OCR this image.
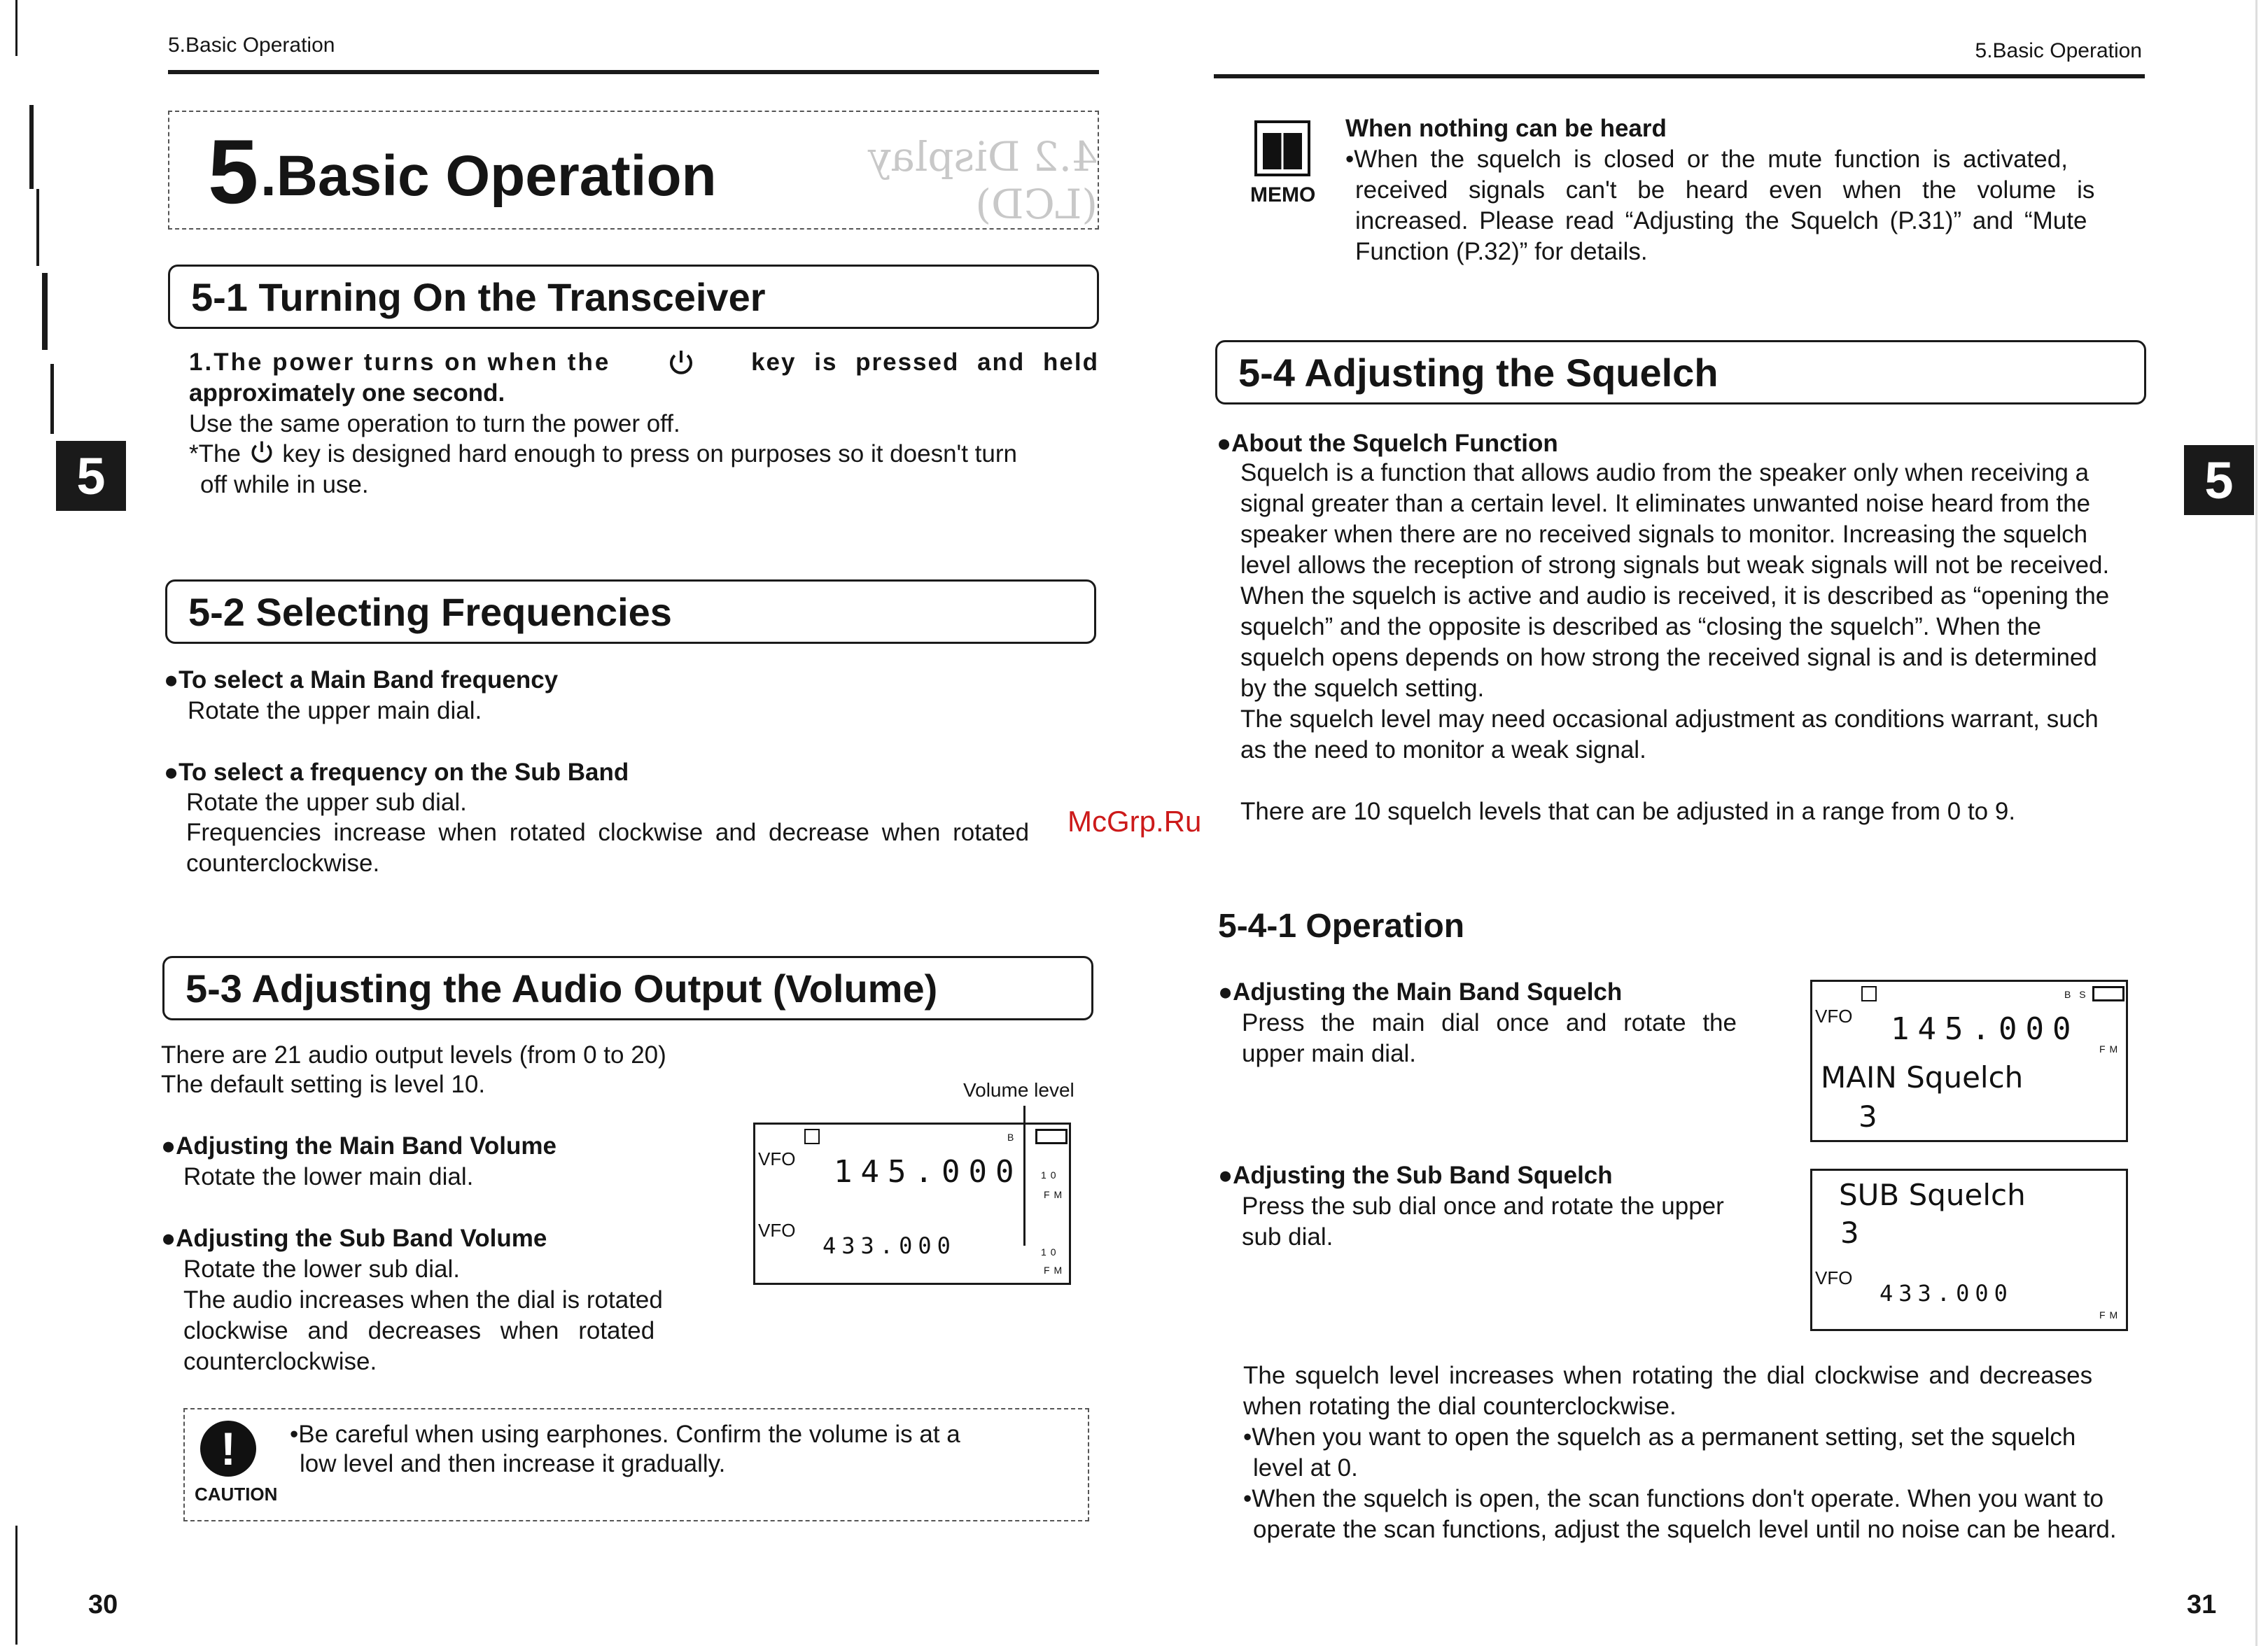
5.Basic Operation
5
4.2 Display (LCD)
5 .Basic Operation
5-1 Turning On the Transceiver
1.The power turns on when the	key is pressed and held
approximately one second.
Use the same operation to turn the power off.
*The key is designed hard enough to press on purposes so it doesn't turn
off while in use.
5-2 Selecting Frequencies
●To select a Main Band frequency
Rotate the upper main dial.
●To select a frequency on the Sub Band
Rotate the upper sub dial.
Frequencies increase when rotated clockwise and decrease when rotated
counterclockwise.
McGrp.Ru
5-3 Adjusting the Audio Output (Volume)
There are 21 audio output levels (from 0 to 20)
The default setting is level 10.
●Adjusting the Main Band Volume
Rotate the lower main dial.
●Adjusting the Sub Band Volume
Rotate the lower sub dial.
The audio increases when the dial is rotated
clockwise and decreases when rotated
counterclockwise.
Volume level
B
VFO 145.000 10
FM
VFO
433.000	10
FM
!
CAUTION
•Be careful when using earphones. Confirm the volume is at a
low level and then increase it gradually.
30
5.Basic Operation
5
MEMO
When nothing can be heard
•When the squelch is closed or the mute function is activated,
received signals can't be heard even when the volume is
increased. Please read “Adjusting the Squelch (P.31)” and “Mute
Function (P.32)” for details.
5-4 Adjusting the Squelch
●About the Squelch Function
Squelch is a function that allows audio from the speaker only when receiving a
signal greater than a certain level. It eliminates unwanted noise heard from the
speaker when there are no received signals to monitor. Increasing the squelch
level allows the reception of strong signals but weak signals will not be received.
When the squelch is active and audio is received, it is described as “opening the
squelch” and the opposite is described as “closing the squelch”. When the
squelch opens depends on how strong the received signal is and is determined
by the squelch setting.
The squelch level may need occasional adjustment as conditions warrant, such
as the need to monitor a weak signal.
There are 10 squelch levels that can be adjusted in a range from 0 to 9.
5-4-1 Operation
●Adjusting the Main Band Squelch
Press the main dial once and rotate the
upper main dial.
●Adjusting the Sub Band Squelch
Press the sub dial once and rotate the upper
sub dial.
B S
VFO 145.000
FM
MAIN Squelch
3
SUB Squelch
3
VFO
433.000
FM
The squelch level increases when rotating the dial clockwise and decreases
when rotating the dial counterclockwise.
•When you want to open the squelch as a permanent setting, set the squelch
level at 0.
•When the squelch is open, the scan functions don't operate. When you want to
operate the scan functions, adjust the squelch level until no noise can be heard.
31
